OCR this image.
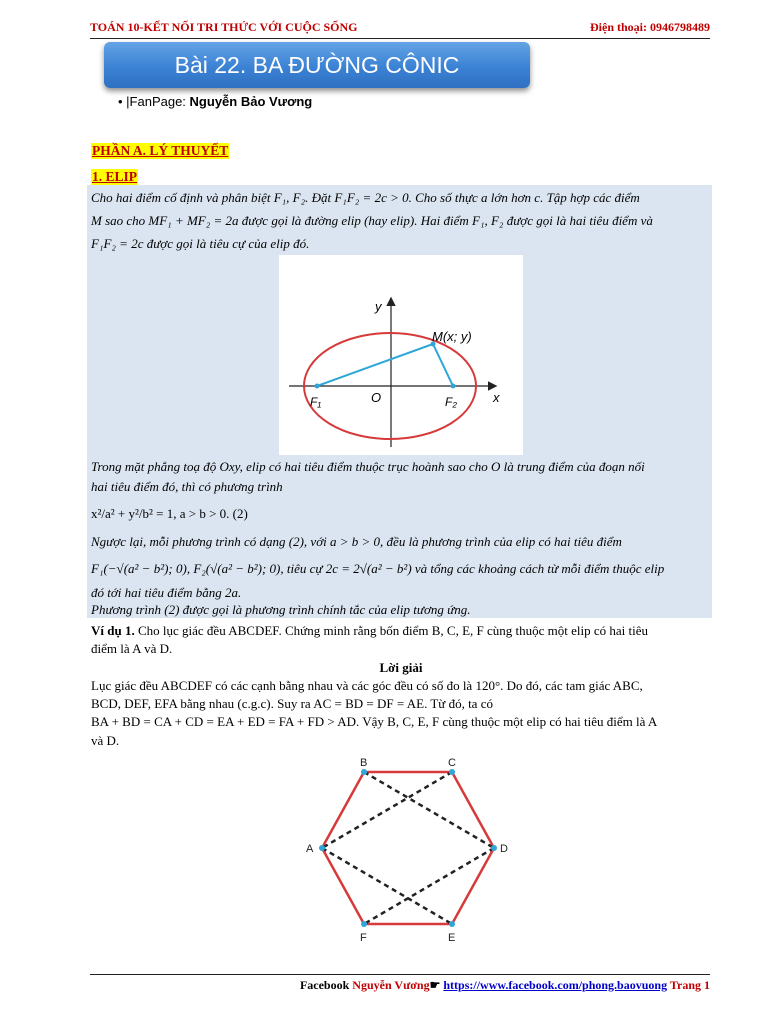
TOÁN 10-KẾT NỐI TRI THỨC VỚI CUỘC SỐNG	Điện thoại: 0946798489
Bài 22. BA ĐƯỜNG CÔNIC
• |FanPage: Nguyễn Bảo Vương
PHẦN A. LÝ THUYẾT
1. ELIP
Cho hai điểm cố định và phân biệt F₁, F₂. Đặt F₁F₂ = 2c > 0. Cho số thực a lớn hơn c. Tập hợp các điểm
M sao cho MF₁ + MF₂ = 2a được gọi là đường elip (hay elip). Hai điểm F₁, F₂ được gọi là hai tiêu điểm và
F₁F₂ = 2c được gọi là tiêu cự của elip đó.
y
x
O
M(x; y)
F₁	F₂
Trong mặt phẳng toạ độ Oxy, elip có hai tiêu điểm thuộc trục hoành sao cho O là trung điểm của đoạn nối
hai tiêu điểm đó, thì có phương trình
x²/a² + y²/b² = 1, a > b > 0. (2)
Ngược lại, mỗi phương trình có dạng (2), với a > b > 0, đều là phương trình của elip có hai tiêu điểm
F₁(−√(a² − b²); 0), F₂(√(a² − b²); 0), tiêu cự 2c = 2√(a² − b²) và tổng các khoảng cách từ mỗi điểm thuộc elip
đó tới hai tiêu điểm bằng 2a.
Phương trình (2) được gọi là phương trình chính tắc của elip tương ứng.
Ví dụ 1. Cho lục giác đều ABCDEF. Chứng minh rằng bốn điểm B, C, E, F cùng thuộc một elip có hai tiêu
điểm là A và D.
Lời giải
Lục giác đều ABCDEF có các cạnh bằng nhau và các góc đều có số đo là 120°. Do đó, các tam giác ABC,
BCD, DEF, EFA bằng nhau (c.g.c). Suy ra AC = BD = DF = AE. Từ đó, ta có
BA + BD = CA + CD = EA + ED = FA + FD > AD. Vậy B, C, E, F cùng thuộc một elip có hai tiêu điểm là A
và D.
B	C
D
E
F
A
Facebook Nguyễn Vương☛ https://www.facebook.com/phong.baovuong Trang 1
